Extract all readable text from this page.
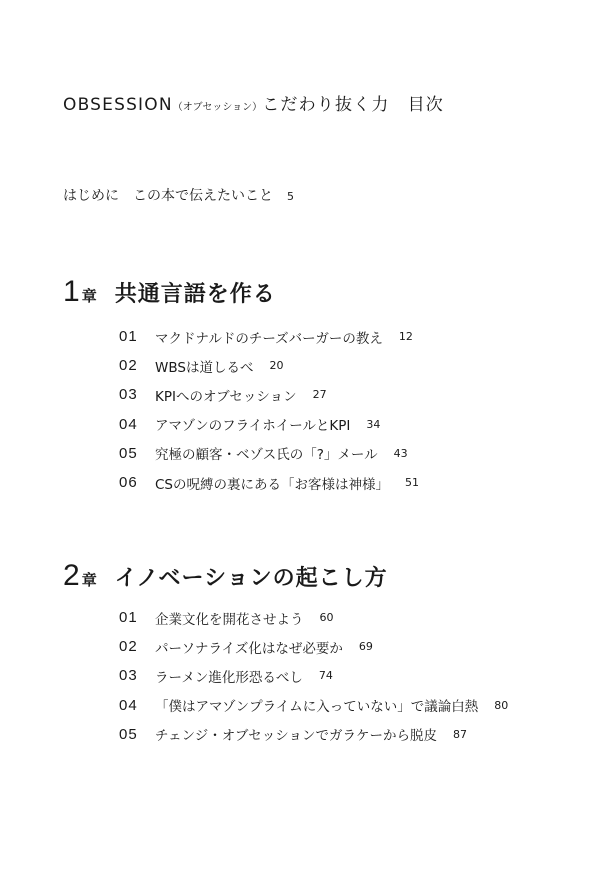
OBSESSION（オブセッション）こだわり抜く力 目次
はじめに この本で伝えたいこと 5
1 章 共通言語を作る
01	マクドナルドのチーズバーガーの教え 12
02	WBSは道しるべ 20
03	KPIへのオブセッション 27
04	アマゾンのフライホイールとKPI 34
05	究極の顧客・ベゾス氏の「?」メール 43
06	CSの呪縛の裏にある「お客様は神様」 51
2 章 イノベーションの起こし方
01	企業文化を開花させよう 60
02	パーソナライズ化はなぜ必要か 69
03	ラーメン進化形恐るべし 74
04	「僕はアマゾンプライムに入っていない」で議論白熱 80
05	チェンジ・オブセッションでガラケーから脱皮 87
